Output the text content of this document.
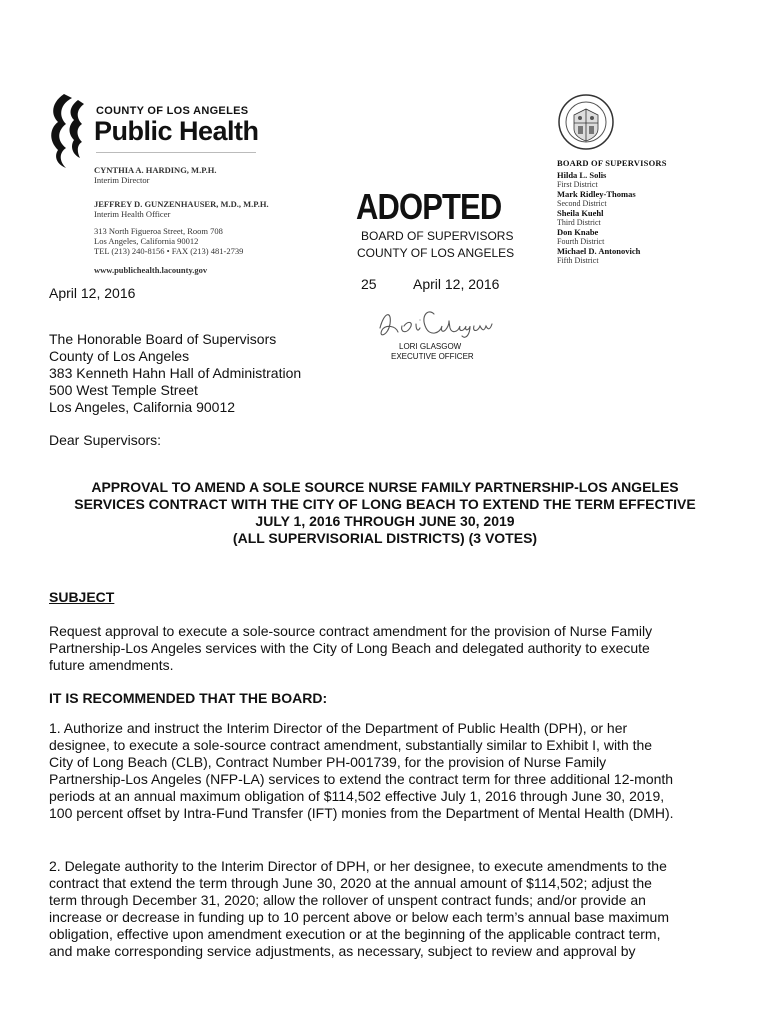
COUNTY OF LOS ANGELES
Public Health
CYNTHIA A. HARDING, M.P.H.
Interim Director
JEFFREY D. GUNZENHAUSER, M.D., M.P.H.
Interim Health Officer
313 North Figueroa Street, Room 708
Los Angeles, California 90012
TEL (213) 240-8156 • FAX (213) 481-2739
www.publichealth.lacounty.gov
ADOPTED
BOARD OF SUPERVISORS
COUNTY OF LOS ANGELES
25	April 12, 2016
LORI GLASGOW
EXECUTIVE OFFICER
BOARD OF SUPERVISORS
Hilda L. Solis
First District
Mark Ridley-Thomas
Second District
Sheila Kuehl
Third District
Don Knabe
Fourth District
Michael D. Antonovich
Fifth District
April 12, 2016
The Honorable Board of Supervisors
County of Los Angeles
383 Kenneth Hahn Hall of Administration
500 West Temple Street
Los Angeles, California 90012
Dear Supervisors:
APPROVAL TO AMEND A SOLE SOURCE NURSE FAMILY PARTNERSHIP-LOS ANGELES
SERVICES CONTRACT WITH THE CITY OF LONG BEACH TO EXTEND THE TERM EFFECTIVE
JULY 1, 2016 THROUGH JUNE 30, 2019
(ALL SUPERVISORIAL DISTRICTS) (3 VOTES)
SUBJECT
Request approval to execute a sole-source contract amendment for the provision of Nurse Family
Partnership-Los Angeles services with the City of Long Beach and delegated authority to execute
future amendments.
IT IS RECOMMENDED THAT THE BOARD:
1. Authorize and instruct the Interim Director of the Department of Public Health (DPH), or her
designee, to execute a sole-source contract amendment, substantially similar to Exhibit I, with the
City of Long Beach (CLB), Contract Number PH-001739, for the provision of Nurse Family
Partnership-Los Angeles (NFP-LA) services to extend the contract term for three additional 12-month
periods at an annual maximum obligation of $114,502 effective July 1, 2016 through June 30, 2019,
100 percent offset by Intra-Fund Transfer (IFT) monies from the Department of Mental Health (DMH).
2. Delegate authority to the Interim Director of DPH, or her designee, to execute amendments to the
contract that extend the term through June 30, 2020 at the annual amount of $114,502; adjust the
term through December 31, 2020; allow the rollover of unspent contract funds; and/or provide an
increase or decrease in funding up to 10 percent above or below each term’s annual base maximum
obligation, effective upon amendment execution or at the beginning of the applicable contract term,
and make corresponding service adjustments, as necessary, subject to review and approval by
